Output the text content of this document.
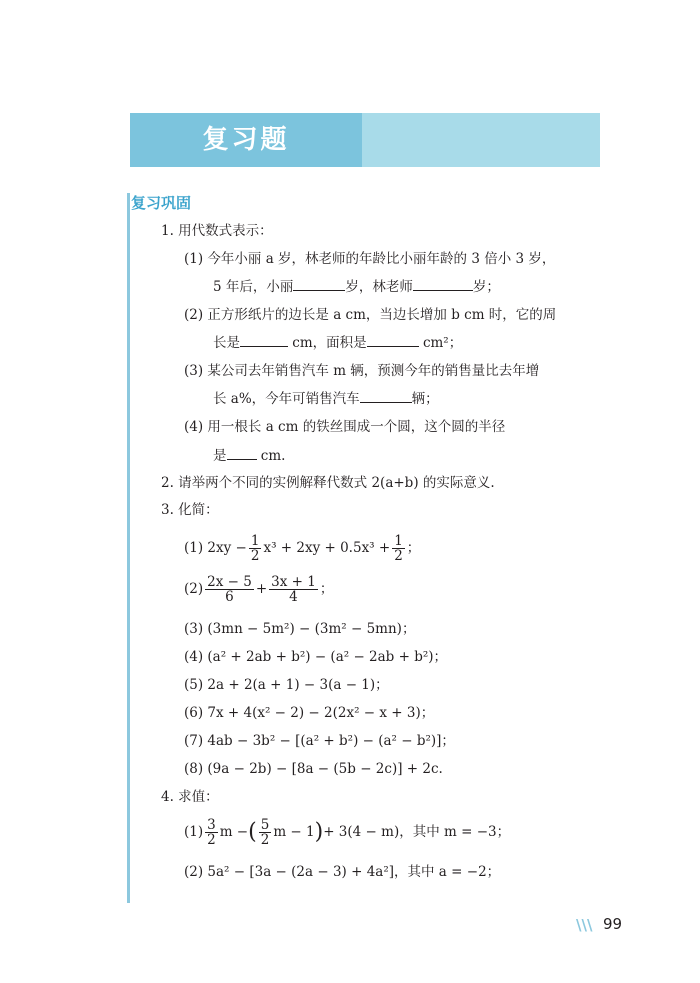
复习题
复习巩固
1. 用代数式表示：
(1) 今年小丽 a 岁，林老师的年龄比小丽年龄的 3 倍小 3 岁，
5 年后，小丽	岁，林老师	岁；
(2) 正方形纸片的边长是 a cm，当边长增加 b cm 时，它的周
长是	cm，面积是	cm²；
(3) 某公司去年销售汽车 m 辆，预测今年的销售量比去年增
长 a%，今年可销售汽车	辆；
(4) 用一根长 a cm 的铁丝围成一个圆，这个圆的半径
是 cm.
2. 请举两个不同的实例解释代数式 2(a+b) 的实际意义.
3. 化简：
(1) $2xy - \frac{1}{2} x^3 + 2xy + 0.5x^3 + \frac{1}{2}$ ；
$(2) \frac{2x - 5}{6} + \frac{3x + 1}{4}$ ；
(3) (3mn − 5m²) − (3m² − 5mn)；
(4) (a² + 2ab + b²) − (a² − 2ab + b²)；
(5) 2a + 2(a + 1) − 3(a − 1)；
(6) 7x + 4(x² − 2) − 2(2x² − x + 3)；
(7) 4ab − 3b² − [(a² + b²) − (a² − b²)]；
(8) (9a − 2b) − [8a − (5b − 2c)] + 2c.
4. 求值：
$(1) \frac{3}{2}$ m −( $\frac{5}{2}$ m − 1)+ 3(4 − m)，其中 m = −3；
(2) 5a² − [3a − (2a − 3) + 4a²]，其中 a = −2；
\\\ 99
